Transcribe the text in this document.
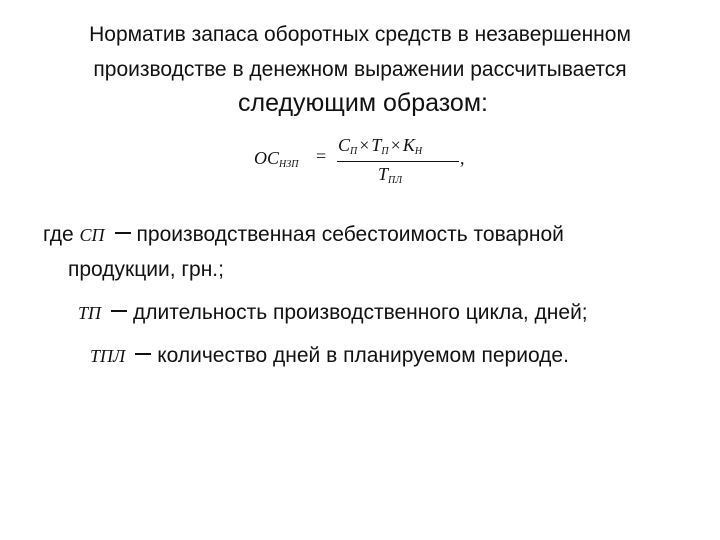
Норматив запаса оборотных средств в незавершенном
производстве в денежном выражении рассчитывается
следующим образом:
$OC_{НЗП}$ =
$C_П \times T_П \times K_Н$
$T_{ПЛ}$
,
где СП производственная себестоимость товарной
продукции, грн.;
ТП длительность производственного цикла, дней;
ТПЛ количество дней в планируемом периоде.
